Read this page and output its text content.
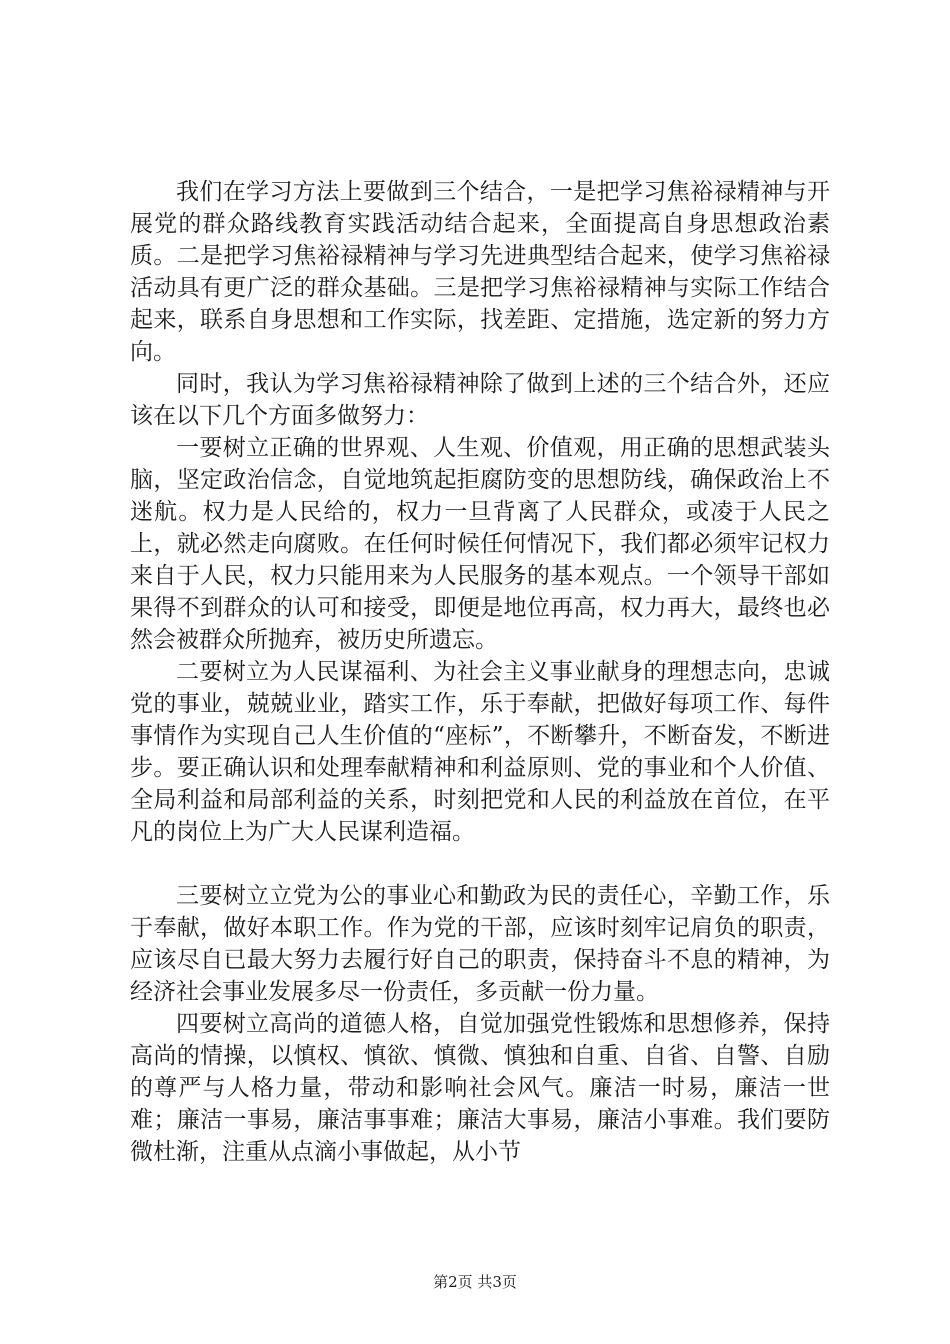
我们在学习方法上要做到三个结合，一是把学习焦裕禄精神与开展党的群众路线教育实践活动结合起来，全面提高自身思想政治素质。二是把学习焦裕禄精神与学习先进典型结合起来，使学习焦裕禄活动具有更广泛的群众基础。三是把学习焦裕禄精神与实际工作结合起来，联系自身思想和工作实际，找差距、定措施，选定新的努力方向。

同时，我认为学习焦裕禄精神除了做到上述的三个结合外，还应该在以下几个方面多做努力：

一要树立正确的世界观、人生观、价值观，用正确的思想武装头脑，坚定政治信念，自觉地筑起拒腐防变的思想防线，确保政治上不迷航。权力是人民给的，权力一旦背离了人民群众，或凌于人民之上，就必然走向腐败。在任何时候任何情况下，我们都必须牢记权力来自于人民，权力只能用来为人民服务的基本观点。一个领导干部如果得不到群众的认可和接受，即便是地位再高，权力再大，最终也必然会被群众所抛弃，被历史所遗忘。

二要树立为人民谋福利、为社会主义事业献身的理想志向，忠诚党的事业，兢兢业业，踏实工作，乐于奉献，把做好每项工作、每件事情作为实现自己人生价值的“座标”，不断攀升，不断奋发，不断进步。要正确认识和处理奉献精神和利益原则、党的事业和个人价值、全局利益和局部利益的关系，时刻把党和人民的利益放在首位，在平凡的岗位上为广大人民谋利造福。

三要树立立党为公的事业心和勤政为民的责任心，辛勤工作，乐于奉献，做好本职工作。作为党的干部，应该时刻牢记肩负的职责，应该尽自已最大努力去履行好自己的职责，保持奋斗不息的精神，为经济社会事业发展多尽一份责任，多贡献一份力量。

四要树立高尚的道德人格，自觉加强党性锻炼和思想修养，保持高尚的情操，以慎权、慎欲、慎微、慎独和自重、自省、自警、自励的尊严与人格力量，带动和影响社会风气。廉洁一时易，廉洁一世难；廉洁一事易，廉洁事事难；廉洁大事易，廉洁小事难。我们要防微杜渐，注重从点滴小事做起，从小节

第2页 共3页
